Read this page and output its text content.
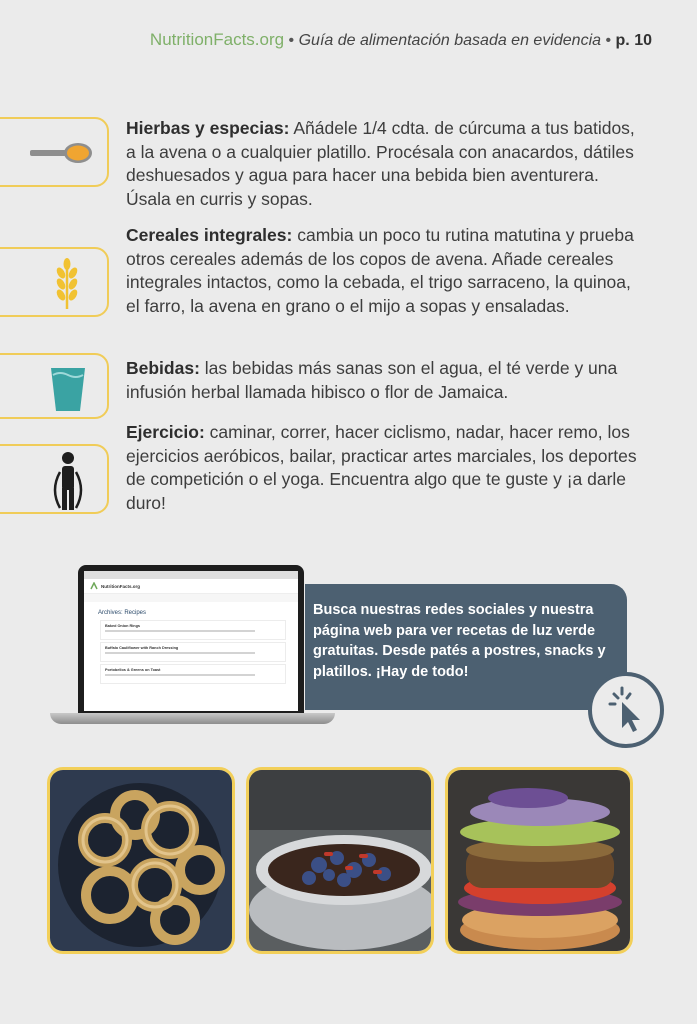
NutritionFacts.org • Guía de alimentación basada en evidencia • p. 10
Hierbas y especias: Añádele 1/4 cdta. de cúrcuma a tus batidos, a la avena o a cualquier platillo. Procésala con anacardos, dátiles deshuesados y agua para hacer una bebida bien aventurera. Úsala en curris y sopas.
Cereales integrales: cambia un poco tu rutina matutina y prueba otros cereales además de los copos de avena. Añade cereales integrales intactos, como la cebada, el trigo sarraceno, la quinoa, el farro, la avena en grano o el mijo a sopas y ensaladas.
Bebidas: las bebidas más sanas son el agua, el té verde y una infusión herbal llamada hibisco o flor de Jamaica.
Ejercicio: caminar, correr, hacer ciclismo, nadar, hacer remo, los ejercicios aeróbicos, bailar, practicar artes marciales, los deportes de competición o el yoga. Encuentra algo que te guste y ¡a darle duro!
NutritionFacts.org
Archives: Recipes
Baked Onion Rings
Buffalo Cauliflower with Ranch Dressing
Portobellos & Greens on Toast
Busca nuestras redes sociales y nuestra página web para ver recetas de luz verde gratuitas. Desde patés a postres, snacks y platillos. ¡Hay de todo!
